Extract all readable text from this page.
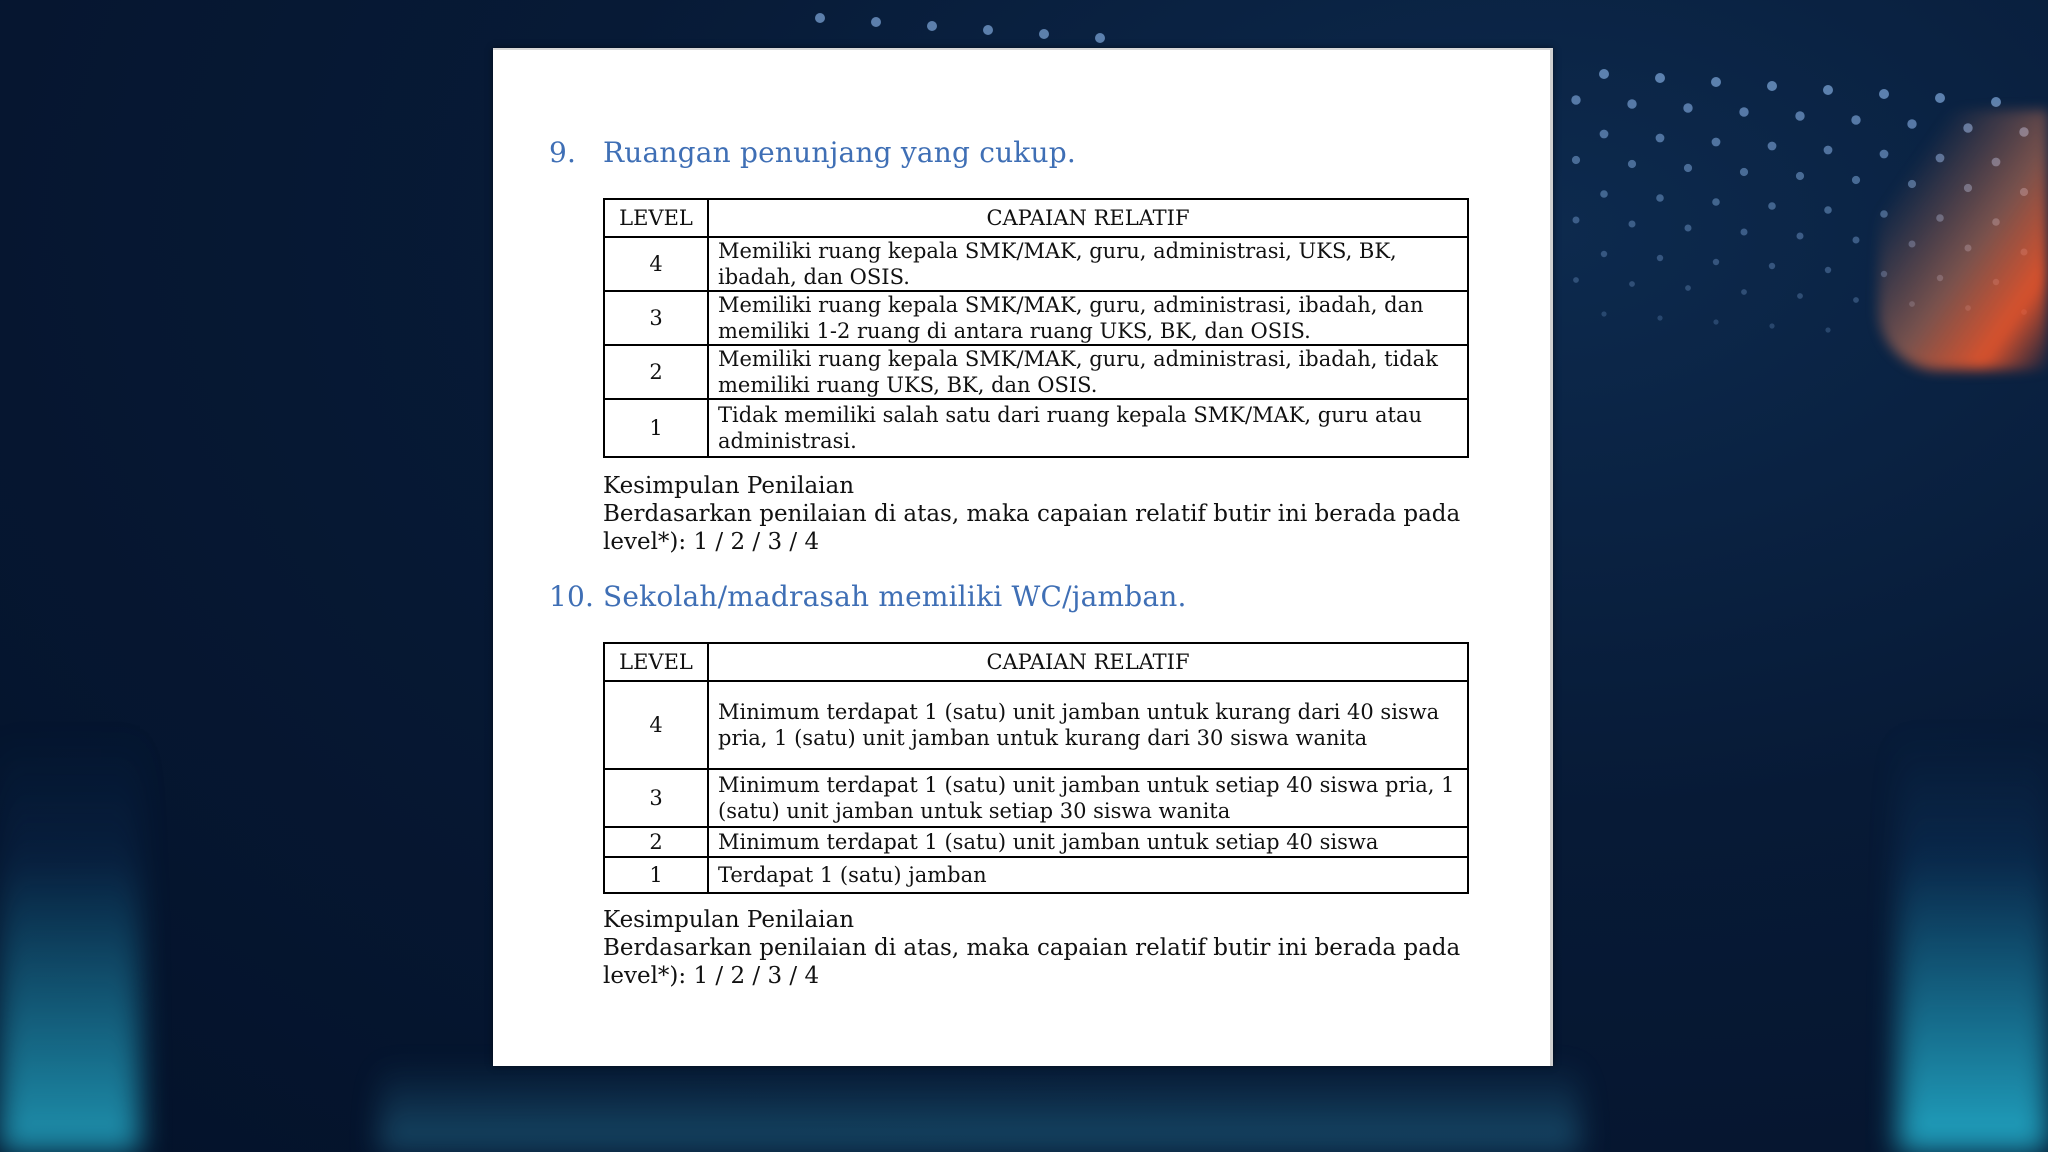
9. Ruangan penunjang yang cukup.
LEVEL	CAPAIAN RELATIF
4	Memiliki ruang kepala SMK/MAK, guru, administrasi, UKS, BK, ibadah, dan OSIS.
3	Memiliki ruang kepala SMK/MAK, guru, administrasi, ibadah, dan memiliki 1-2 ruang di antara ruang UKS, BK, dan OSIS.
2	Memiliki ruang kepala SMK/MAK, guru, administrasi, ibadah, tidak memiliki ruang UKS, BK, dan OSIS.
1	Tidak memiliki salah satu dari ruang kepala SMK/MAK, guru atau administrasi.
Kesimpulan Penilaian
Berdasarkan penilaian di atas, maka capaian relatif butir ini berada pada level*): 1 / 2 / 3 / 4
10. Sekolah/madrasah memiliki WC/jamban.
LEVEL	CAPAIAN RELATIF
4	Minimum terdapat 1 (satu) unit jamban untuk kurang dari 40 siswa pria, 1 (satu) unit jamban untuk kurang dari 30 siswa wanita
3	Minimum terdapat 1 (satu) unit jamban untuk setiap 40 siswa pria, 1 (satu) unit jamban untuk setiap 30 siswa wanita
2	Minimum terdapat 1 (satu) unit jamban untuk setiap 40 siswa
1	Terdapat 1 (satu) jamban
Kesimpulan Penilaian
Berdasarkan penilaian di atas, maka capaian relatif butir ini berada pada level*): 1 / 2 / 3 / 4
